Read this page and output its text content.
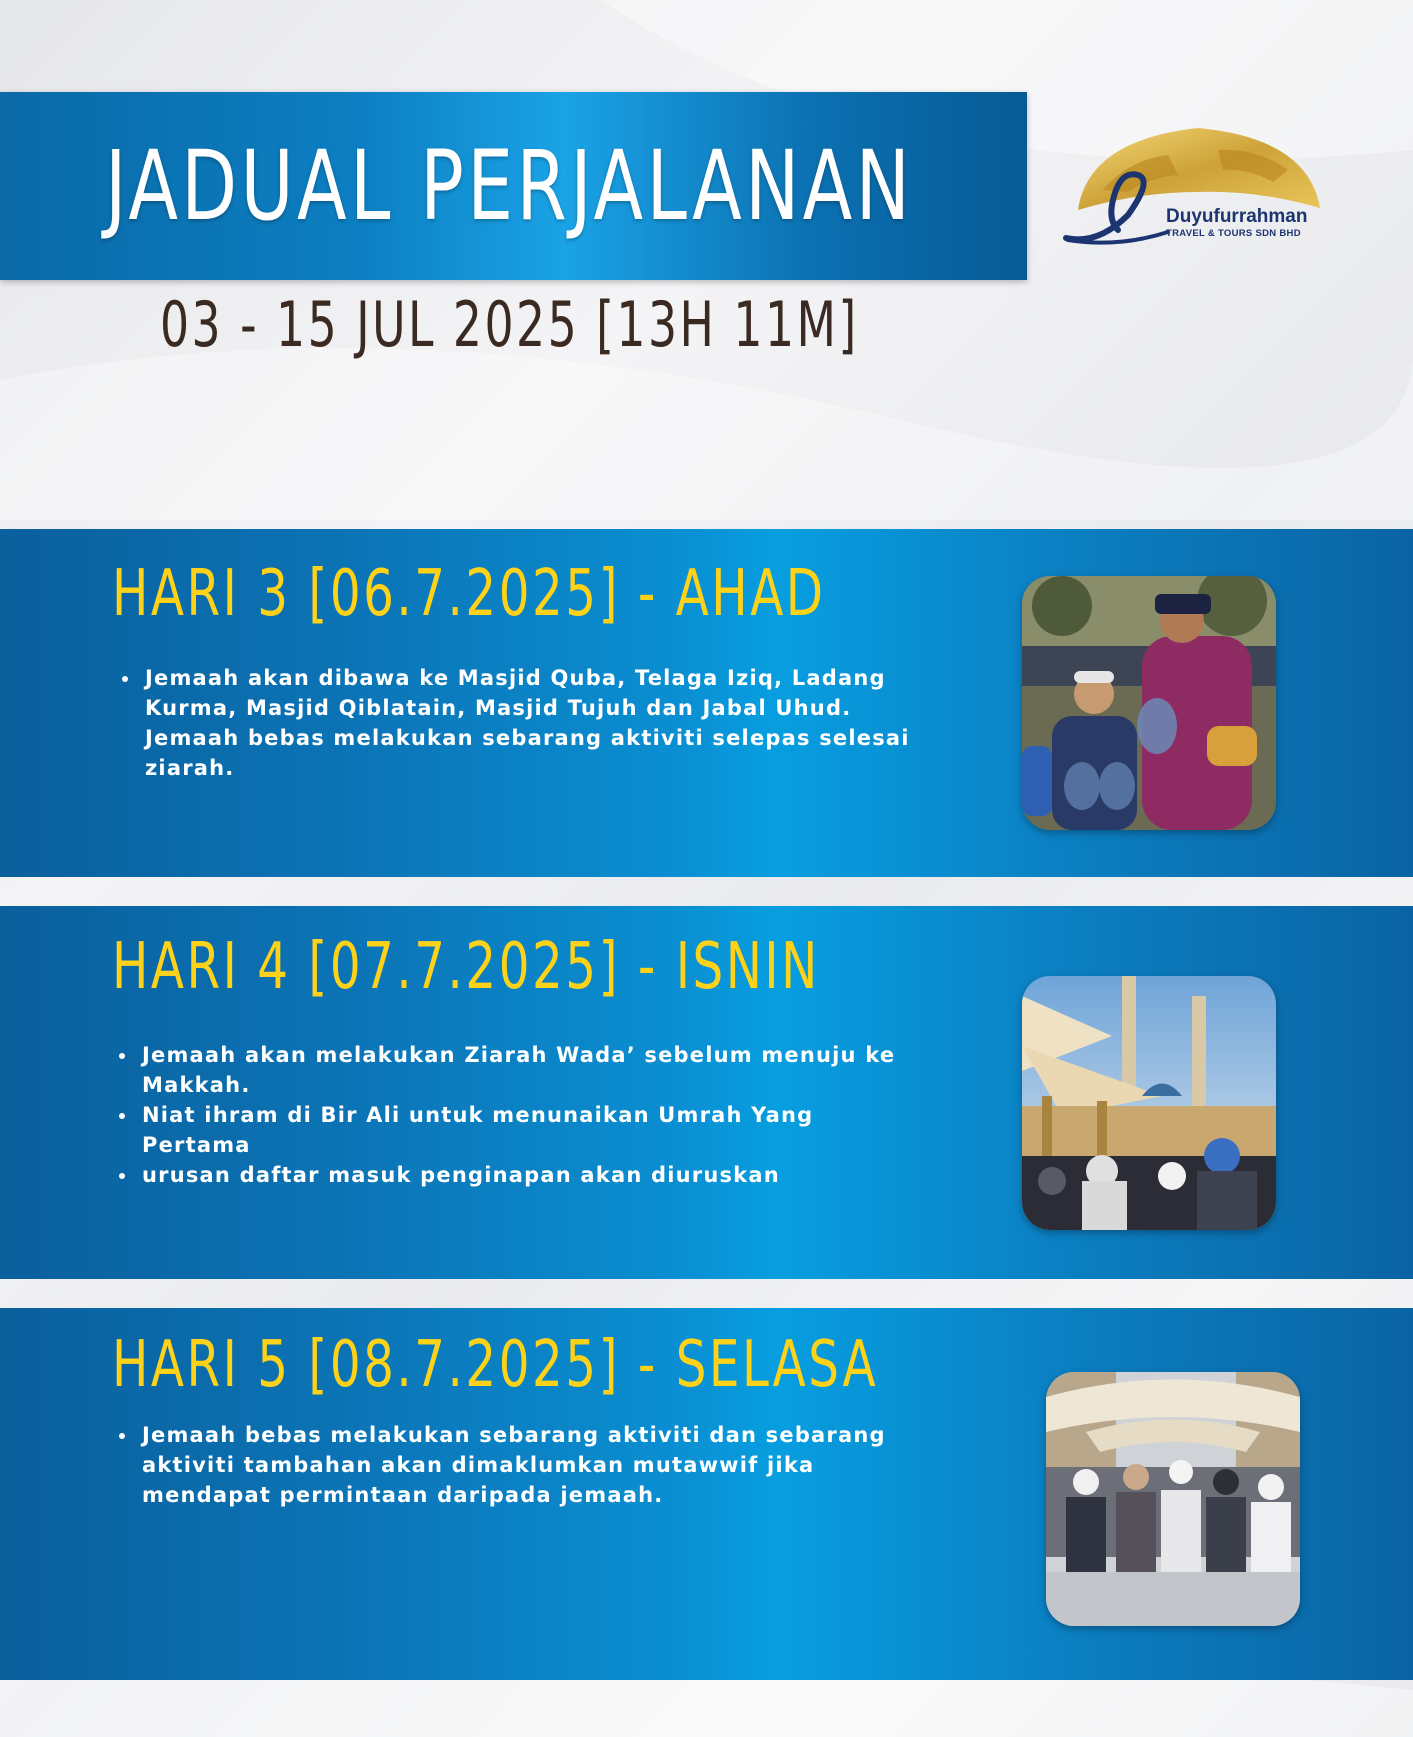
JADUAL PERJALANAN
03 - 15 JUL 2025 [13H 11M]
Duyufurrahman
TRAVEL & TOURS SDN BHD
HARI 3 [06.7.2025] - AHAD
• Jemaah akan dibawa ke Masjid Quba, Telaga Iziq, Ladang Kurma, Masjid Qiblatain, Masjid Tujuh dan Jabal Uhud. Jemaah bebas melakukan sebarang aktiviti selepas selesai ziarah.
HARI 4 [07.7.2025] - ISNIN
• Jemaah akan melakukan Ziarah Wada’ sebelum menuju ke Makkah.
• Niat ihram di Bir Ali untuk menunaikan Umrah Yang Pertama
• urusan daftar masuk penginapan akan diuruskan
HARI 5 [08.7.2025] - SELASA
• Jemaah bebas melakukan sebarang aktiviti dan sebarang aktiviti tambahan akan dimaklumkan mutawwif jika mendapat permintaan daripada jemaah.
